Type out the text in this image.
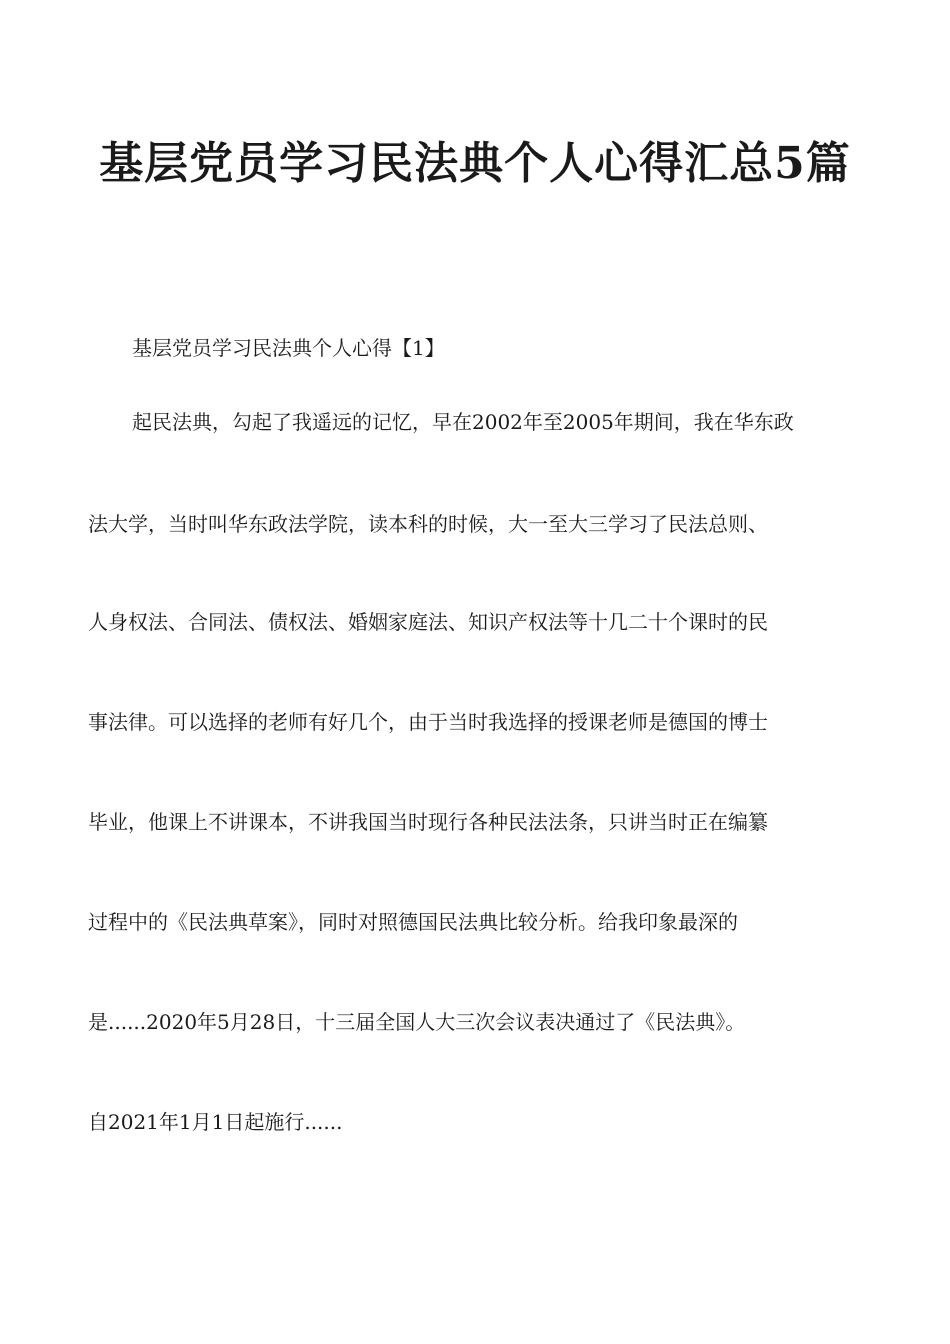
基层党员学习民法典个人心得汇总5篇

基层党员学习民法典个人心得【1】

起民法典，勾起了我遥远的记忆，早在2002年至2005年期间，我在华东政

法大学，当时叫华东政法学院，读本科的时候，大一至大三学习了民法总则、

人身权法、合同法、债权法、婚姻家庭法、知识产权法等十几二十个课时的民

事法律。可以选择的老师有好几个，由于当时我选择的授课老师是德国的博士

毕业，他课上不讲课本，不讲我国当时现行各种民法法条，只讲当时正在编纂

过程中的《民法典草案》，同时对照德国民法典比较分析。给我印象最深的

是......2020年5月28日，十三届全国人大三次会议表决通过了《民法典》。

自2021年1月1日起施行......
